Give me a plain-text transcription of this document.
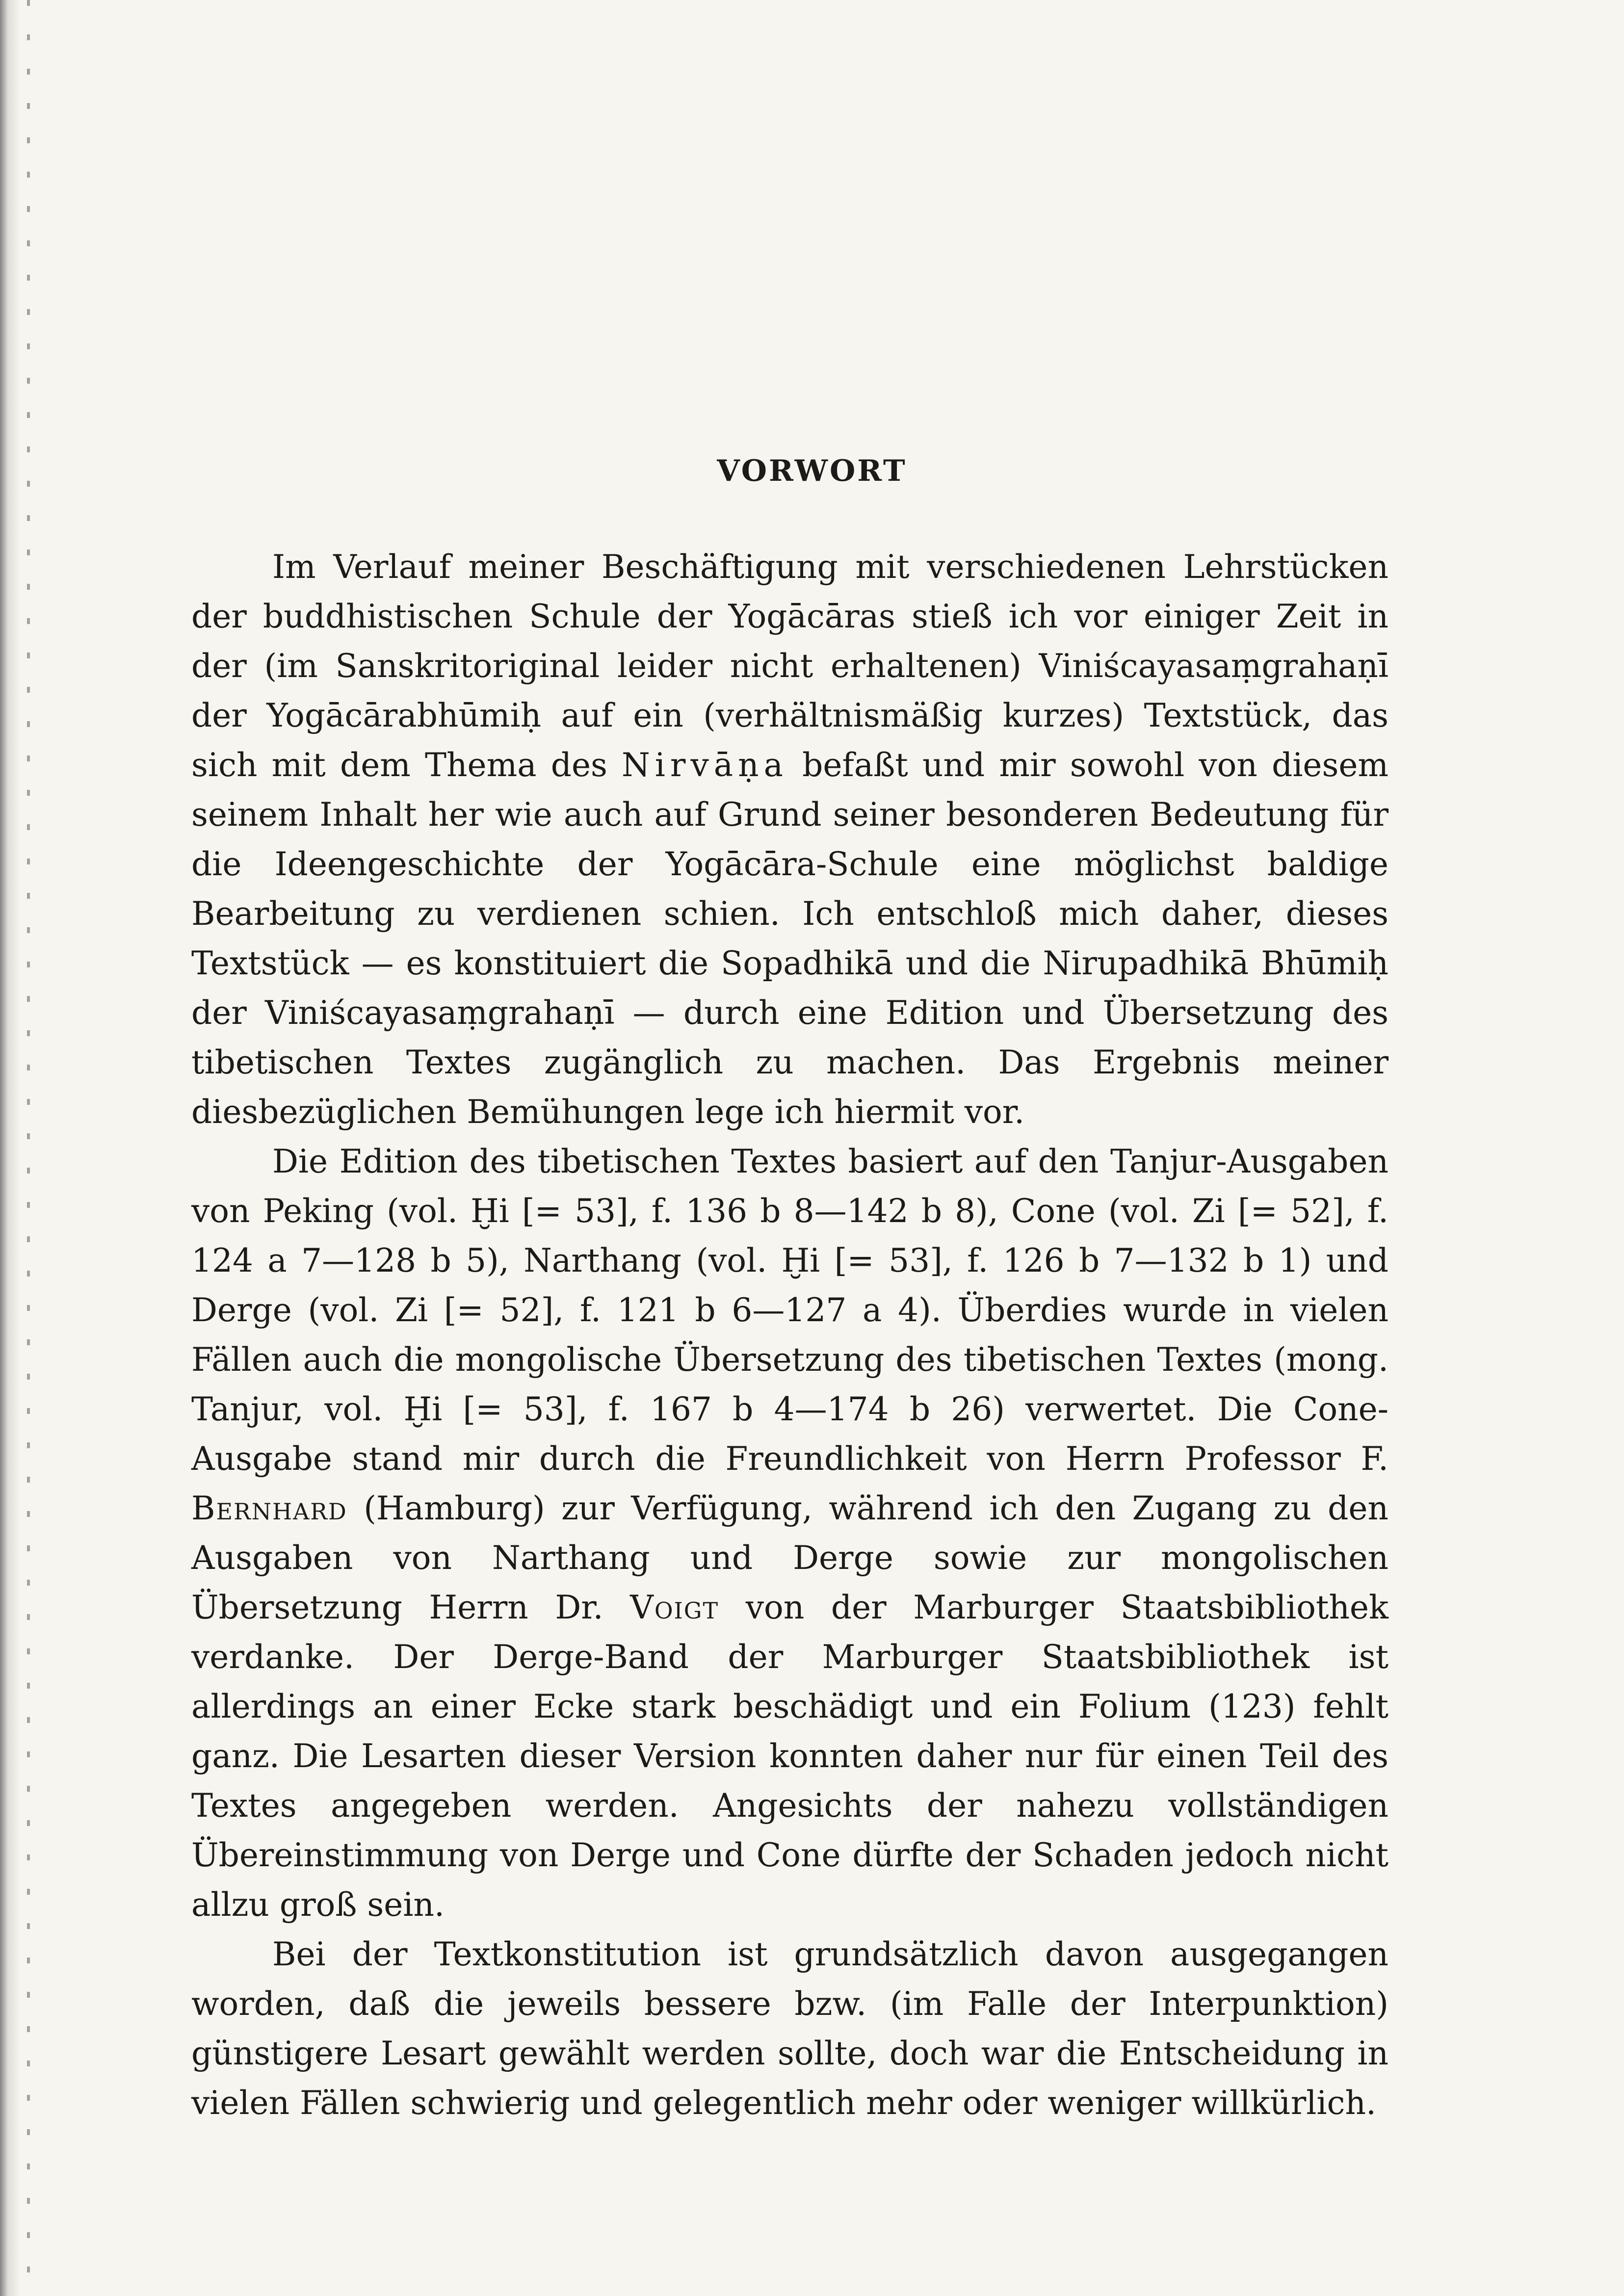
VORWORT

Im Verlauf meiner Beschäftigung mit verschiedenen Lehrstücken der buddhistischen Schule der Yogācāras stieß ich vor einiger Zeit in der (im Sanskritoriginal leider nicht erhaltenen) Viniścayasaṃgrahaṇī der Yogācārabhūmiḥ auf ein (verhältnismäßig kurzes) Textstück, das sich mit dem Thema des Nirvāṇa befaßt und mir sowohl von diesem seinem Inhalt her wie auch auf Grund seiner besonderen Bedeutung für die Ideengeschichte der Yogācāra-Schule eine möglichst baldige Bearbeitung zu verdienen schien. Ich entschloß mich daher, dieses Textstück — es konstituiert die Sopadhikā und die Nirupadhikā Bhūmiḥ der Viniścayasaṃgrahaṇī — durch eine Edition und Übersetzung des tibetischen Textes zugänglich zu machen. Das Ergebnis meiner diesbezüglichen Bemühungen lege ich hiermit vor.

Die Edition des tibetischen Textes basiert auf den Tanjur-Ausgaben von Peking (vol. Ḫi [= 53], f. 136 b 8—142 b 8), Cone (vol. Zi [= 52], f. 124 a 7—128 b 5), Narthang (vol. Ḫi [= 53], f. 126 b 7—132 b 1) und Derge (vol. Zi [= 52], f. 121 b 6—127 a 4). Überdies wurde in vielen Fällen auch die mongolische Übersetzung des tibetischen Textes (mong. Tanjur, vol. Ḫi [= 53], f. 167 b 4—174 b 26) verwertet. Die Cone-Ausgabe stand mir durch die Freundlichkeit von Herrn Professor F. Bernhard (Hamburg) zur Verfügung, während ich den Zugang zu den Ausgaben von Narthang und Derge sowie zur mongolischen Übersetzung Herrn Dr. Voigt von der Marburger Staatsbibliothek verdanke. Der Derge-Band der Marburger Staatsbibliothek ist allerdings an einer Ecke stark beschädigt und ein Folium (123) fehlt ganz. Die Lesarten dieser Version konnten daher nur für einen Teil des Textes angegeben werden. Angesichts der nahezu vollständigen Übereinstimmung von Derge und Cone dürfte der Schaden jedoch nicht allzu groß sein.

Bei der Textkonstitution ist grundsätzlich davon ausgegangen worden, daß die jeweils bessere bzw. (im Falle der Interpunktion) günstigere Lesart gewählt werden sollte, doch war die Entscheidung in vielen Fällen schwierig und gelegentlich mehr oder weniger willkürlich.
